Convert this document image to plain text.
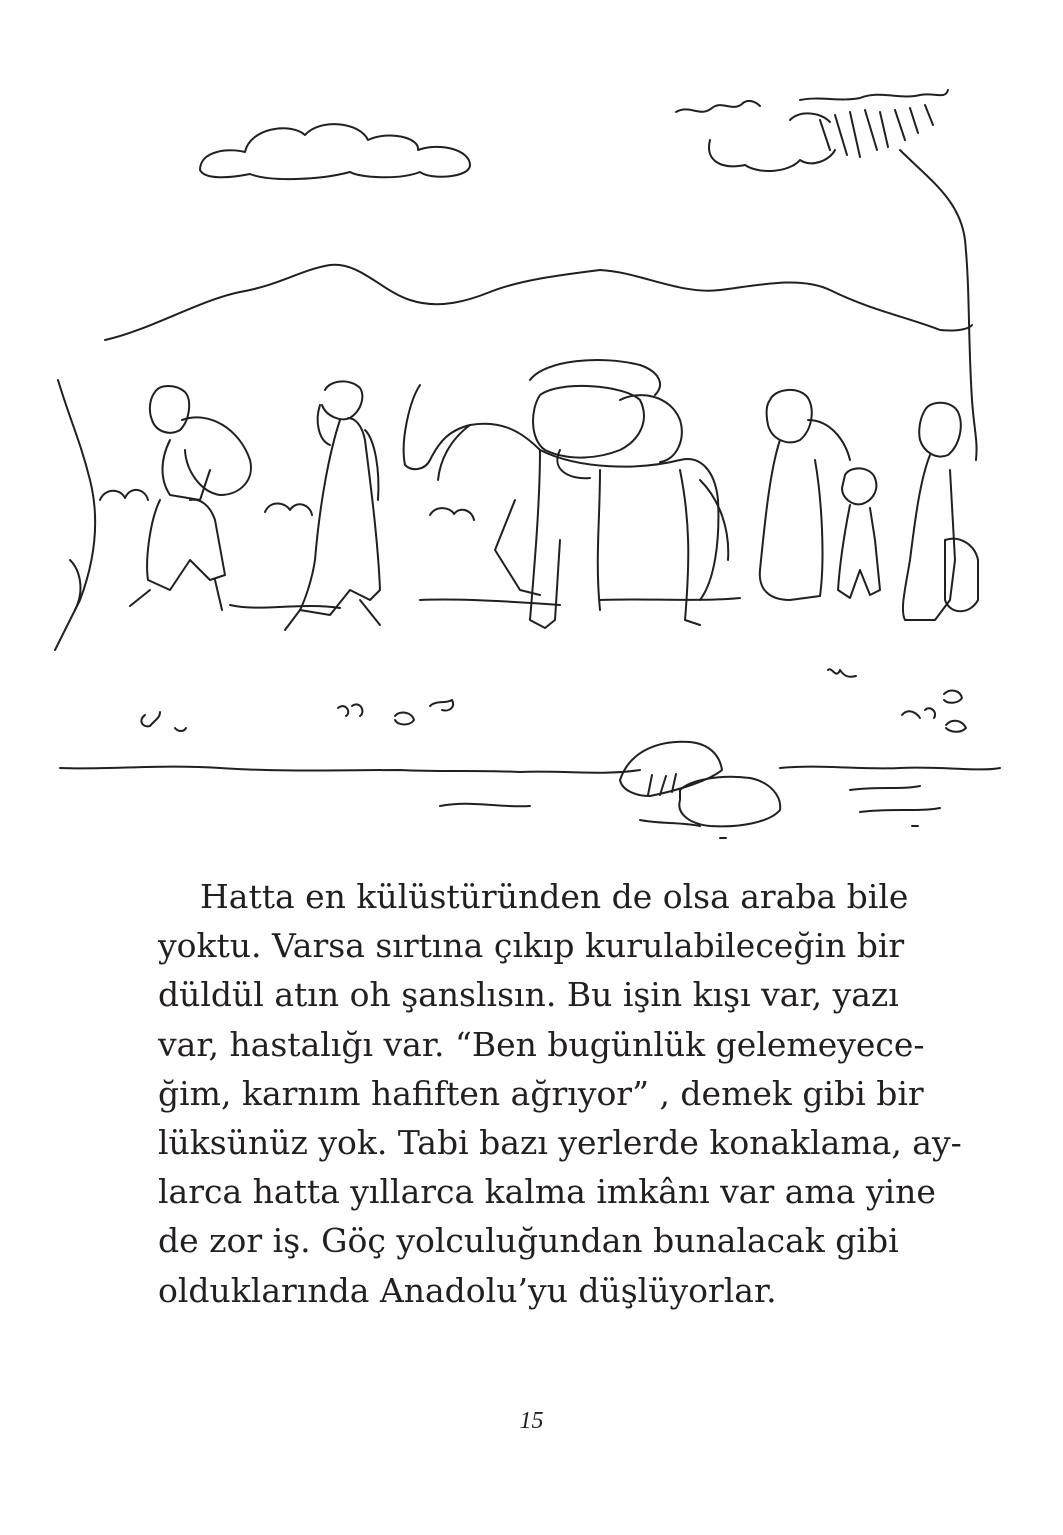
Hatta en külüstüründen de olsa araba bile
yoktu. Varsa sırtına çıkıp kurulabileceğin bir
düldül atın oh şanslısın. Bu işin kışı var, yazı
var, hastalığı var. “Ben bugünlük gelemeyece-
ğim, karnım hafiften ağrıyor” , demek gibi bir
lüksünüz yok. Tabi bazı yerlerde konaklama, ay-
larca hatta yıllarca kalma imkânı var ama yine
de zor iş. Göç yolculuğundan bunalacak gibi
olduklarında Anadolu’yu düşlüyorlar.
15
